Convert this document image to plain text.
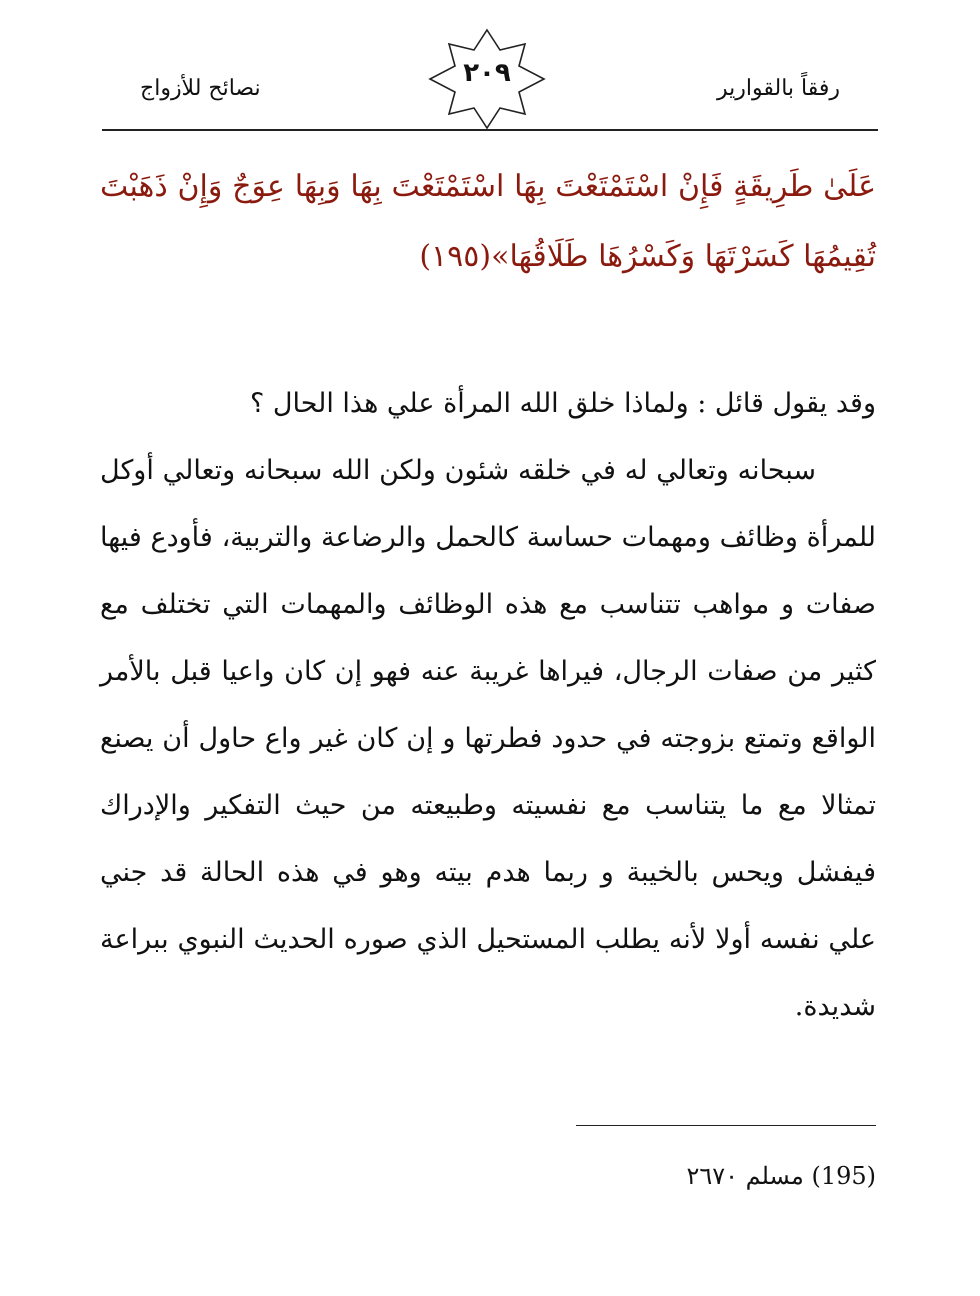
نصائح للأزواج
٢٠٩
رفقاً بالقوارير
عَلَىٰ طَرِيقَةٍ فَإِنْ اسْتَمْتَعْتَ بِهَا اسْتَمْتَعْتَ بِهَا وَبِهَا عِوَجٌ وَإِنْ ذَهَبْتَ تُقِيمُهَا كَسَرْتَهَا وَكَسْرُهَا طَلَاقُهَا»(١٩٥)

وقد يقول قائل : ولماذا خلق الله المرأة علي هذا الحال ؟

سبحانه وتعالي له في خلقه شئون ولكن الله سبحانه وتعالي أوكل للمرأة وظائف ومهمات حساسة كالحمل والرضاعة والتربية، فأودع فيها صفات و مواهب تتناسب مع هذه الوظائف والمهمات التي تختلف مع كثير من صفات الرجال، فيراها غريبة عنه فهو إن كان واعيا قبل بالأمر الواقع وتمتع بزوجته في حدود فطرتها و إن كان غير واع حاول أن يصنع تمثالا مع ما يتناسب مع نفسيته وطبيعته من حيث التفكير والإدراك فيفشل ويحس بالخيبة و ربما هدم بيته وهو في هذه الحالة قد جني علي نفسه أولا لأنه يطلب المستحيل الذي صوره الحديث النبوي ببراعة شديدة.

(195) مسلم ٢٦٧٠
